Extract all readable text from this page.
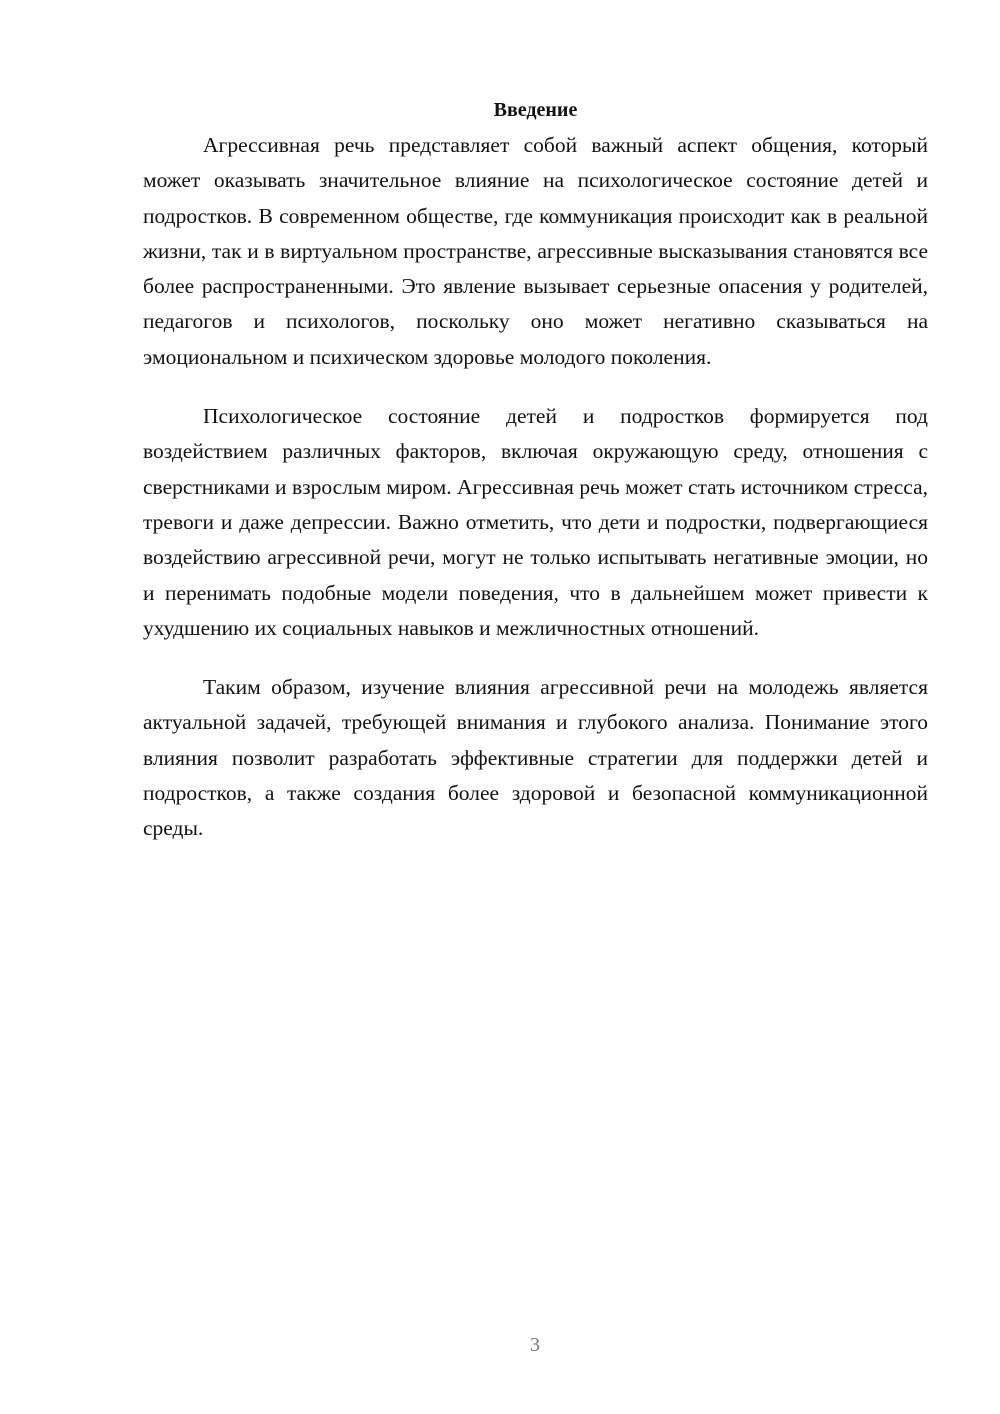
Введение

Агрессивная речь представляет собой важный аспект общения, который может оказывать значительное влияние на психологическое состояние детей и подростков. В современном обществе, где коммуникация происходит как в реальной жизни, так и в виртуальном пространстве, агрессивные высказывания становятся все более распространенными. Это явление вызывает серьезные опасения у родителей, педагогов и психологов, поскольку оно может негативно сказываться на эмоциональном и психическом здоровье молодого поколения.

Психологическое состояние детей и подростков формируется под воздействием различных факторов, включая окружающую среду, отношения с сверстниками и взрослым миром. Агрессивная речь может стать источником стресса, тревоги и даже депрессии. Важно отметить, что дети и подростки, подвергающиеся воздействию агрессивной речи, могут не только испытывать негативные эмоции, но и перенимать подобные модели поведения, что в дальнейшем может привести к ухудшению их социальных навыков и межличностных отношений.

Таким образом, изучение влияния агрессивной речи на молодежь является актуальной задачей, требующей внимания и глубокого анализа. Понимание этого влияния позволит разработать эффективные стратегии для поддержки детей и подростков, а также создания более здоровой и безопасной коммуникационной среды.

3
